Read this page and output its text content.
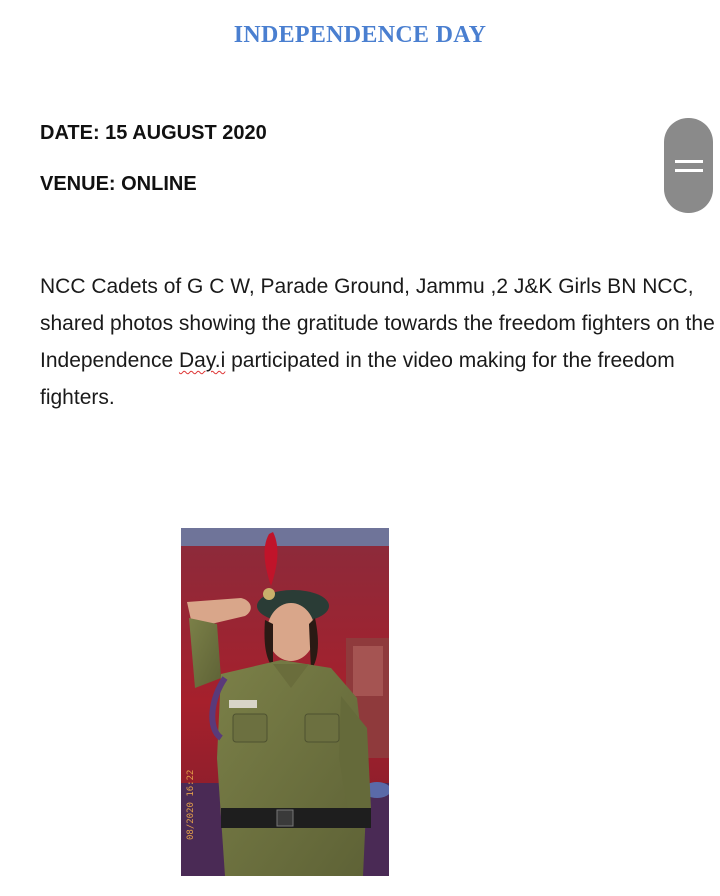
INDEPENDENCE DAY
DATE: 15 AUGUST 2020
VENUE: ONLINE
NCC Cadets of G C W, Parade Ground, Jammu ,2 J&K Girls BN NCC, shared photos showing the gratitude towards the freedom fighters on the Independence Day.i participated in the video making for the freedom fighters.
08/2020 16:22
